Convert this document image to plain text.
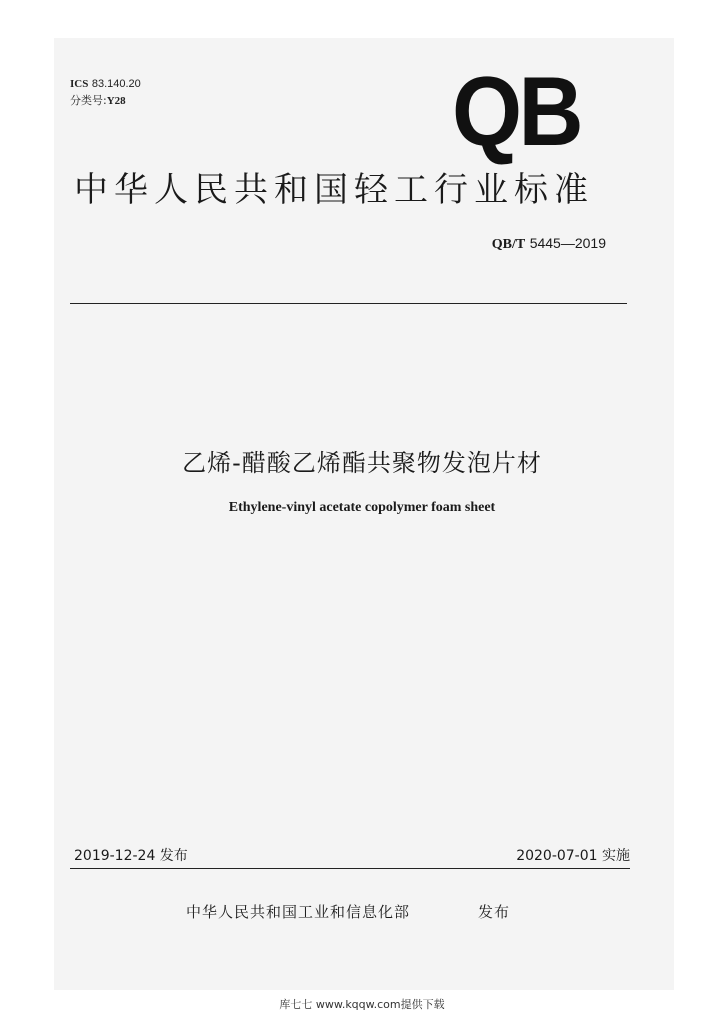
ICS 83.140.20
分类号:Y28	QB
中华人民共和国轻工行业标准
QB/T 5445—2019
乙烯-醋酸乙烯酯共聚物发泡片材
Ethylene-vinyl acetate copolymer foam sheet
2019-12-24 发布	2020-07-01 实施
中华人民共和国工业和信息化部	发布
库七七 www.kqqw.com提供下载
